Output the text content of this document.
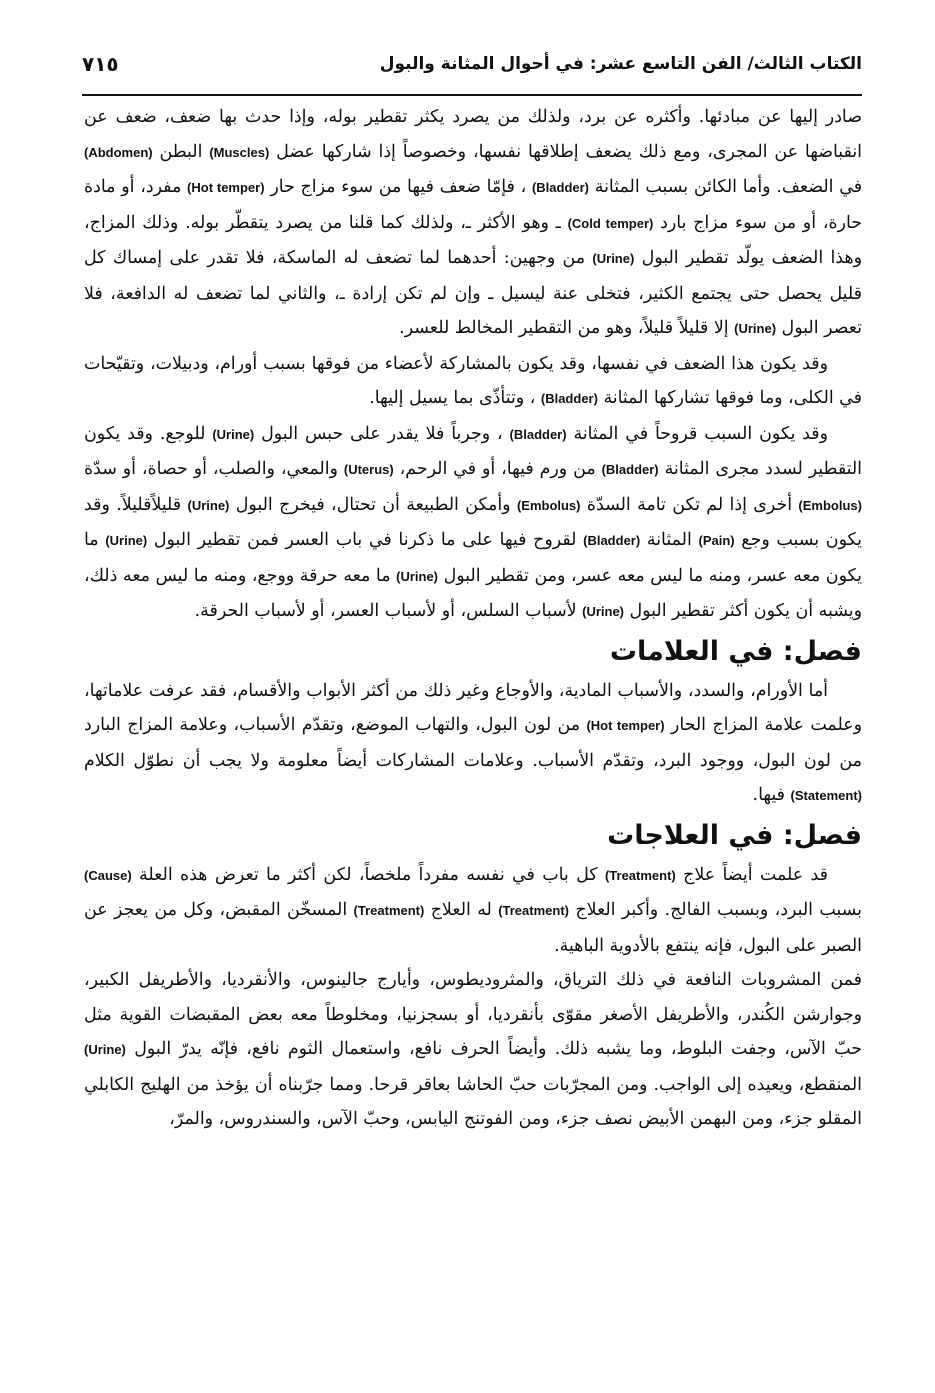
٧١٥	الكتاب الثالث/ الفن التاسع عشر: في أحوال المثانة والبول

صادر إليها عن مبادئها. وأكثره عن برد، ولذلك من يصرد يكثر تقطير بوله، وإذا حدث بها ضعف، ضعف عن انقباضها عن المجرى، ومع ذلك يضعف إطلاقها نفسها، وخصوصاً إذا شاركها عضل (Muscles) البطن (Abdomen) في الضعف. وأما الكائن بسبب المثانة (Bladder) ، فإمّا ضعف فيها من سوء مزاج حار (Hot temper) مفرد، أو مادة حارة، أو من سوء مزاج بارد (Cold temper) ـ وهو الأكثر ـ، ولذلك كما قلنا من يصرد يتقطّر بوله. وذلك المزاج، وهذا الضعف يولّد تقطير البول (Urine) من وجهين: أحدهما لما تضعف له الماسكة، فلا تقدر على إمساك كل قليل يحصل حتى يجتمع الكثير، فتخلى عنة ليسيل ـ وإن لم تكن إرادة ـ، والثاني لما تضعف له الدافعة، فلا تعصر البول (Urine) إلا قليلاً قليلاً، وهو من التقطير المخالط للعسر.

وقد يكون هذا الضعف في نفسها، وقد يكون بالمشاركة لأعضاء من فوقها بسبب أورام، ودبيلات، وتقيّحات في الكلى، وما فوقها تشاركها المثانة (Bladder) ، وتتأذّى بما يسيل إليها.

وقد يكون السبب قروحاً في المثانة (Bladder) ، وجرباً فلا يقدر على حبس البول (Urine) للوجع. وقد يكون التقطير لسدد مجرى المثانة (Bladder) من ورم فيها، أو في الرحم، (Uterus) والمعي، والصلب، أو حصاة، أو سدّة (Embolus) أخرى إذا لم تكن تامة السدّة (Embolus) وأمكن الطبيعة أن تحتال، فيخرج البول (Urine) قليلاًقليلاً. وقد يكون بسبب وجع (Pain) المثانة (Bladder) لقروح فيها على ما ذكرنا في باب العسر فمن تقطير البول (Urine) ما يكون معه عسر، ومنه ما ليس معه عسر، ومن تقطير البول (Urine) ما معه حرقة ووجع، ومنه ما ليس معه ذلك، ويشبه أن يكون أكثر تقطير البول (Urine) لأسباب السلس، أو لأسباب العسر، أو لأسباب الحرقة.

فصل: في العلامات

أما الأورام، والسدد، والأسباب المادية، والأوجاع وغير ذلك من أكثر الأبواب والأقسام، فقد عرفت علاماتها، وعلمت علامة المزاج الحار (Hot temper) من لون البول، والتهاب الموضع، وتقدّم الأسباب، وعلامة المزاج البارد من لون البول، ووجود البرد، وتقدّم الأسباب. وعلامات المشاركات أيضاً معلومة ولا يجب أن نطوّل الكلام (Statement) فيها.

فصل: في العلاجات

قد علمت أيضاً علاج (Treatment) كل باب في نفسه مفرداً ملخصاً، لكن أكثر ما تعرض هذه العلة (Cause) بسبب البرد، وبسبب الفالج. وأكبر العلاج (Treatment) له العلاج (Treatment) المسخّن المقبض، وكل من يعجز عن الصبر على البول، فإنه ينتفع بالأدوية الباهية.

فمن المشروبات النافعة في ذلك الترياق، والمثروديطوس، وأيارج جالينوس، والأنقرديا، والأطريفل الكبير، وجوارشن الكُندر، والأطريفل الأصغر مقوّى بأنقرديا، أو بسجزنيا، ومخلوطاً معه بعض المقبضات القوية مثل حبّ الآس، وجفت البلوط، وما يشبه ذلك. وأيضاً الحرف نافع، واستعمال الثوم نافع، فإنّه يدرّ البول (Urine) المنقطع، ويعيده إلى الواجب. ومن المجرّبات حبّ الحاشا بعاقر قرحا. ومما جرّبناه أن يؤخذ من الهليج الكابلي المقلو جزء، ومن البهمن الأبيض نصف جزء، ومن الفوتنج اليابس، وحبّ الآس، والسندروس، والمرّ،
